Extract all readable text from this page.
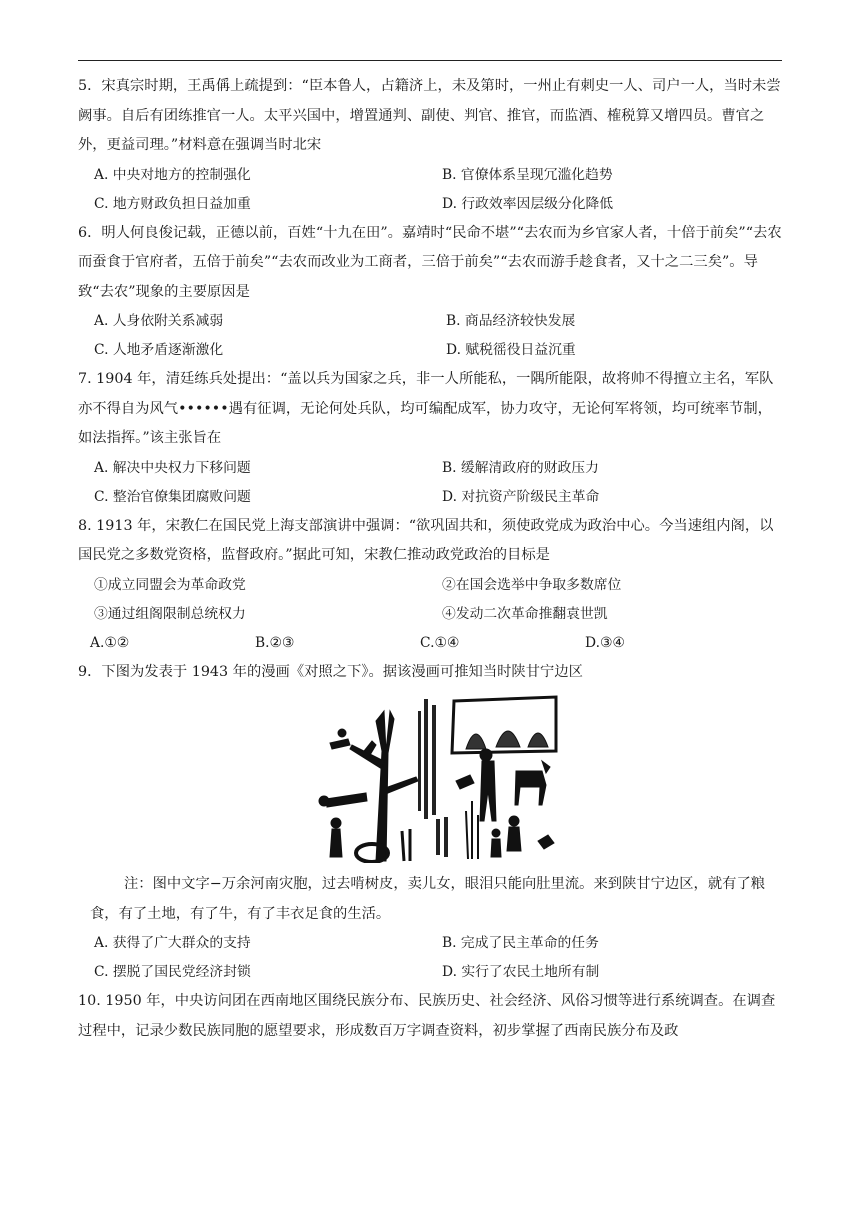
5．宋真宗时期，王禹偁上疏提到：“臣本鲁人，占籍济上，未及第时，一州止有刺史一人、司户一人，当时未尝阙事。自后有团练推官一人。太平兴国中，增置通判、副使、判官、推官，而监酒、榷税算又增四员。曹官之外，更益司理。”材料意在强调当时北宋
A. 中央对地方的控制强化	B. 官僚体系呈现冗滥化趋势
C. 地方财政负担日益加重	D. 行政效率因层级分化降低
6．明人何良俊记载，正德以前，百姓“十九在田”。嘉靖时“民命不堪”“去农而为乡官家人者，十倍于前矣”“去农而蚕食于官府者，五倍于前矣”“去农而改业为工商者，三倍于前矣”“去农而游手趁食者，又十之二三矣”。导致“去农”现象的主要原因是
A. 人身依附关系减弱	B. 商品经济较快发展
C. 人地矛盾逐渐激化	D. 赋税徭役日益沉重
7. 1904 年，清廷练兵处提出：“盖以兵为国家之兵，非一人所能私，一隅所能限，故将帅不得擅立主名，军队亦不得自为风气••••••遇有征调，无论何处兵队，均可编配成军，协力攻守，无论何军将领，均可统率节制，如法指挥。”该主张旨在
A. 解决中央权力下移问题	B. 缓解清政府的财政压力
C. 整治官僚集团腐败问题	D. 对抗资产阶级民主革命
8. 1913 年，宋教仁在国民党上海支部演讲中强调：“欲巩固共和，须使政党成为政治中心。今当速组内阁，以国民党之多数党资格，监督政府。”据此可知，宋教仁推动政党政治的目标是
①成立同盟会为革命政党	②在国会选举中争取多数席位
③通过组阁限制总统权力	④发动二次革命推翻袁世凯
A.①②	B.②③	C.①④	D.③④
9．下图为发表于 1943 年的漫画《对照之下》。据该漫画可推知当时陕甘宁边区
注：图中文字−万余河南灾胞，过去啃树皮，卖儿女，眼泪只能向肚里流。来到陕甘宁边区，就有了粮食，有了土地，有了牛，有了丰衣足食的生活。
A. 获得了广大群众的支持	B. 完成了民主革命的任务
C. 摆脱了国民党经济封锁	D. 实行了农民土地所有制
10. 1950 年，中央访问团在西南地区围绕民族分布、民族历史、社会经济、风俗习惯等进行系统调查。在调查过程中，记录少数民族同胞的愿望要求，形成数百万字调查资料，初步掌握了西南民族分布及政
